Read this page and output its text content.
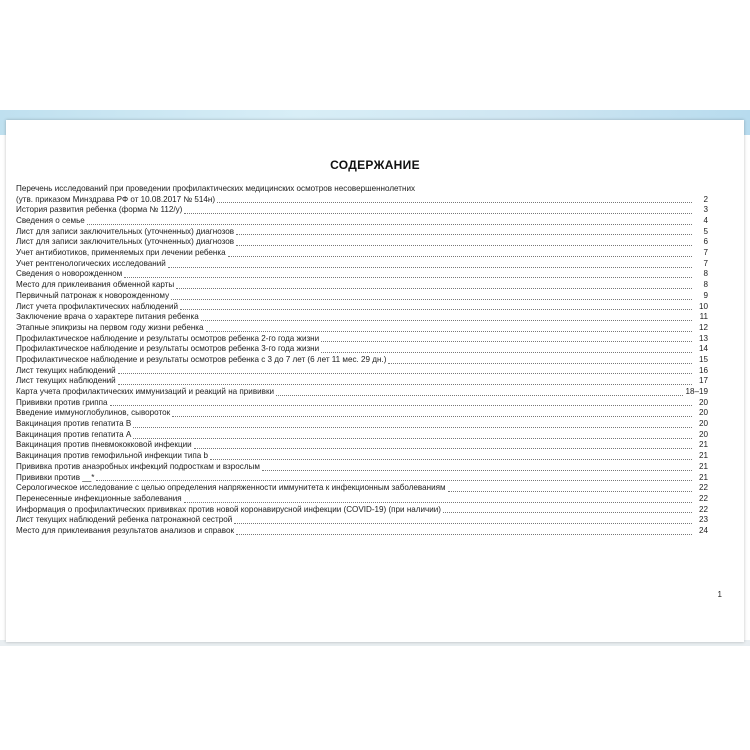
СОДЕРЖАНИЕ
Перечень исследований при проведении профилактических медицинских осмотров несовершеннолетних
(утв. приказом Минздрава РФ от 10.08.2017 № 514н)	2
История развития ребенка (форма № 112/у)	3
Сведения о семье	4
Лист для записи заключительных (уточненных) диагнозов	5
Лист для записи заключительных (уточненных) диагнозов	6
Учет антибиотиков, применяемых при лечении ребенка	7
Учет рентгенологических исследований	7
Сведения о новорожденном	8
Место для приклеивания обменной карты	8
Первичный патронаж к новорожденному	9
Лист учета профилактических наблюдений	10
Заключение врача о характере питания ребенка	11
Этапные эпикризы на первом году жизни ребенка	12
Профилактическое наблюдение и результаты осмотров ребенка 2-го года жизни	13
Профилактическое наблюдение и результаты осмотров ребенка 3-го года жизни	14
Профилактическое наблюдение и результаты осмотров ребенка с 3 до 7 лет (6 лет 11 мес. 29 дн.)	15
Лист текущих наблюдений	16
Лист текущих наблюдений	17
Карта учета профилактических иммунизаций и реакций на прививки	18–19
Прививки против гриппа	20
Введение иммуноглобулинов, сывороток	20
Вакцинация против гепатита В	20
Вакцинация против гепатита А	20
Вакцинация против пневмококковой инфекции	21
Вакцинация против гемофильной инфекции типа b	21
Прививка против анаэробных инфекций подросткам и взрослым	21
Прививки против __*	21
Серологическое исследование с целью определения напряженности иммунитета к инфекционным заболеваниям	22
Перенесенные инфекционные заболевания	22
Информация о профилактических прививках против новой коронавирусной инфекции (COVID-19) (при наличии)	22
Лист текущих наблюдений ребенка патронажной сестрой	23
Место для приклеивания результатов анализов и справок	24
1
